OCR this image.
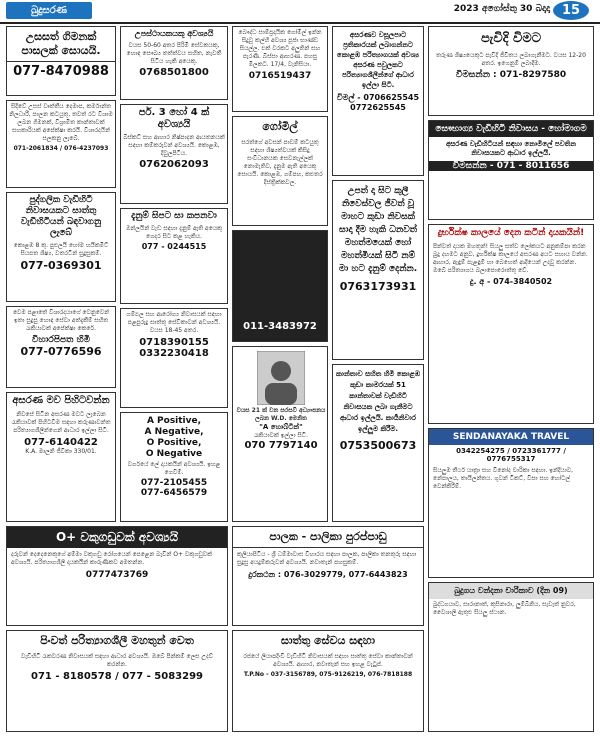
බුදුසරණ	2023 අගෝස්තු 30 බදාදා 15
උසසත් ගිමනක් පාසලක් සොයයි.
077-8470988
සිදිවේ උසස් වෘත්තීය දෙමාප, කර්මාන්ත නිලධාරී, පාලන කටයුතු, තවත් රට විශාම ලබන ගිමනක්, විශ්‍රාමිත කාන්තාවක් සහකාරියක් අපේක්ෂා කරයි. විශාරදයින් සලකනු ලැබේ.
071-2061834 / 076-4237093
පුද්ගලික වැඩිහිටි නිවාසයකට සාත්තු වැඩිහිටියන් බඳවාගනු ලැබේ
කොළඹ 8 කු. පුළුලයි හෝම හයිකමිට් සියපත ශිෂ්‍ය, වතරටින් සුදුසුකම්.
077-0369301
වෙම පළාතේ විශාරදයාගේ වෙනුවෙන් ඉතා සුදුසු හොඳ සේවා අත්දැකීම් සහිත රැකියාවක් අපේක්ෂා කෙරේ.
විහාරපිපත හිමි
077-0776596
අසරණ මව පිහිටවන්න
නිවසේ සිටින අසරණ මවට ලැබෙන රැකියාවක් පිහිටවීම සඳහා කරුණාවන්ත පරිත්‍යාගශීලීන්ගෙන් ආධාර ඉල්ලා සිටී.
077-6140422
K.A. මාලනි ජීවිකා 330/01.
උපස්ථායකයකු අවශ්‍යයි
වයස 50-60 අතර පිරිමි සේවකයකු, හොඳ සෞඛ්‍ය තත්ත්වය සහිත, නැවතී සිටිය හැකි අයෙකු.
0768501800
පර්. 3 හෝ 4 ක් අවශ්‍යයි
බිස්කට් සහ ආහාර නිෂ්පාදන ආයතනයක් සඳහා කම්කරුවන් අවශ්‍යයි. කොළඹ, දිවුලපිටිය.
0762062093
දැනුම් සිපට සා කපනවා
ඔන්ලයින් වැඩ සඳහා දැනුම් ඇති අයෙකු ගෙදර සිට කළ හැකිය.
077 - 0244515
ගම්ඵල සහ ආරෝග්‍ය නිවාසයක් සඳහා පළපුරුදු සාත්තු සේවිකාවන් අවශ්‍යයි. වයස 18-45 අතර.
0718390155
0332230418
A Positive,
A Negative,
O Positive,
O Negative
වර්ගයේ ලේ දායකයින් අවශ්‍යයි. ඉහළ ගෙවීම්.
077-2105455
077-6456579
බෞද්ධ සාම්ප්‍රදායික ගෝමිල් ඉන්න සිදුවූ කල්හි අවශ්‍ය පූජා භාණ්ඩ සියල්ල. එක් වරකට අලුතින් සහ පැරණි. බිස්සා ආභරණ. පහසු මිලකට. 17/4, වැනිසියා.
0716519437
ගෝමිල්
සරත්ගේ අවසන් පාඩම් කටයුතු සඳහා ශිෂ්‍යත්වයක් කිසිදු සංවිධානයක සෙවනැල්ලක් නොමැතිව, දැනුම ඇති අයෙකු සොයයි. කොළඹ, ගම්පහ, කළුතර දිස්ත්‍රික්කවල.
011-3483972
වයස 21 ක් වන සරසවි අධ්‍යාපනය ලබන W.D. මෙනිත
"A හොබ්ටින්"
රැකියාවක් ඉල්ලා සිටී.
070 7797140
අසරණව වසූලපාට ප්‍රතිකාරයක් ලබාගන්නට කොළඹ පරිත්‍යාගයක් අවශ්‍ය අසරණ පවුලකට පරිත්‍යාගශීලීන්ගේ ආධාර ඉල්ලා සිටී.
විමල් - 0706625545
0772625545
උපත් දා සිට කුලී නිවෙස්වල ජීවත් වූ මාහට කුඩා නිවසක් සාදා දීම හැකි ධනවත් මහත්මයෙක් හෝ මහත්මියක් සිටී නම් මා හට දැනුම් දෙන්න.
0763173931
කාන්තාව සහිත හිමි කොළඹ කුඩා කාමරයක් 51 කාන්තාවක් වැඩිහිටි නිවාසයක ලබා ගැනීමට ආධාර ඉල්ලයි. කාර්‍යනිවාර ඉල්ලුම කිරීම.
0753500673
පැවිදි විමට
තරුණ ශිෂ්‍යයෙකුට පැවිදි ජීවිතය ලබාගැනීමට. වයස 12-20 අතර. ඉගෙනුම් ලබාදීම.
විමසන්න : 071-8297580
සෞභාග්‍ය වැඩිහිටි නිවාසය - හෝමාගම
අසරණ වැඩිහිටියන් සඳහා නොමිලේ පවතින නිවාසයකට ආධාර ඉල්ලයි.
විමසන්න - 071 - 8011656
දුර්භික්ෂ කාලයේ දෙන කටින් දායකයින්!
පින්වත් දායක මහතුන්! සියලු සත්ව ලෝකයට අනුකම්පා කරන බුදු දහමට අනුව, දුර්භික්ෂ කාලයේ අසරණ අයට සහාය වන්න. ආහාර, ඇඳුම් පැළඳුම් හා බෙහෙත් ආදියෙන් උදවු කරන්න. ඔබේ පරිත්‍යාගය බලාපොරොත්තු වේ.
දු. අ - 074-3840502
SENDANAYAKA TRAVEL
0342254275 / 0723361777 / 0776755317
සියලුම තීර්ථ යාත්‍රා සහ විනෝද චාරිකා සඳහා. ඉන්දියාව, නේපාලය, තායිලන්තය. ගුවන් ටිකට්, වීසා සහ හෝටල් වෙන්කිරීම්.
බුදුගය වන්දනා චාරිකාව (දින 09)
බුද්ධගයාව, සාරානාත්, කුසිනාරා, ලුම්බිනිය, සැවැත් නුවර, වෛශාලි ඇතුළු සියලු ස්ථාන.
O+ වකුගඩුවක් අවශ්‍යයි
දරුවන් දෙදෙනෙකුගේ අම්මා වකුගඩු රෝගයෙන් පෙළෙන බැවින් O+ වකුගඩුවක් අවශ්‍යයි. පරිත්‍යාගශීලී දායකයින් කාරුණිකව අමතන්න.
0777473769
පාලක - පාලිකා පුරප්පාඩු
කුලියාපිටිය - ශ්‍රී ධම්මාවාස විහාරය සඳහා පාලක, පාලිකා තනතුරු සඳහා සුදුසු අයදුම්කරුවන් අවශ්‍යයි. නවාතැන් පහසුකම්.
දුරකථන : 076-3029779, 077-6443823
පිංවත් පරිත්‍යාගශීලී මහතුන් වෙත
වැඩිහිටි රැකවරණ නිවාසයක් සඳහා ආධාර අවශ්‍යයි. ඔබේ පින්කම් ලෙස උදව් කරන්න.
071 - 8180578 / 077 - 5083299
සාත්තු සේවය සඳහා
රජයේ ලියාපදිංචි වැඩිහිටි නිවාසයක් සඳහා සාත්තු සේවා කාන්තාවන් අවශ්‍යයි. ආහාර, නවාතැන් සහ ඉහළ වැටුප්.
T.P.No - 037-3156789, 075-9126219, 076-7818188
